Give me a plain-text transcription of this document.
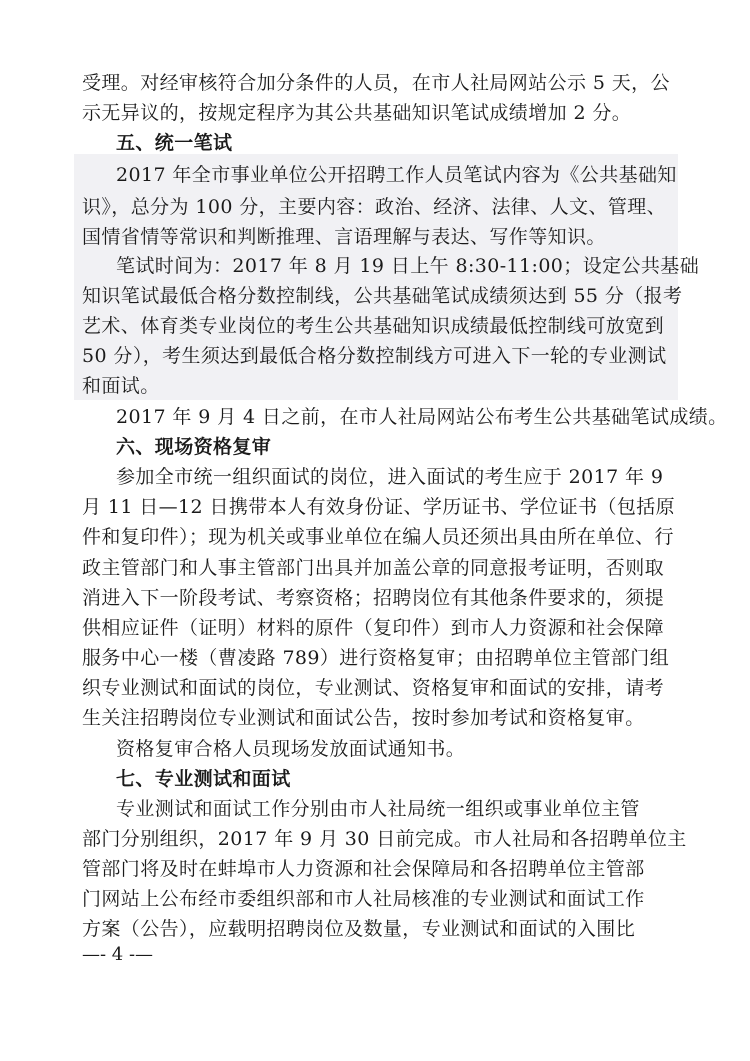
受理。对经审核符合加分条件的人员，在市人社局网站公示 5 天，公
示无异议的，按规定程序为其公共基础知识笔试成绩增加 2 分。
五、统一笔试
2017 年全市事业单位公开招聘工作人员笔试内容为《公共基础知
识》，总分为 100 分，主要内容：政治、经济、法律、人文、管理、
国情省情等常识和判断推理、言语理解与表达、写作等知识。
笔试时间为：2017 年 8 月 19 日上午 8:30-11:00；设定公共基础
知识笔试最低合格分数控制线，公共基础笔试成绩须达到 55 分（报考
艺术、体育类专业岗位的考生公共基础知识成绩最低控制线可放宽到
50 分），考生须达到最低合格分数控制线方可进入下一轮的专业测试
和面试。
2017 年 9 月 4 日之前，在市人社局网站公布考生公共基础笔试成绩。
六、现场资格复审
参加全市统一组织面试的岗位，进入面试的考生应于 2017 年 9
月 11 日—12 日携带本人有效身份证、学历证书、学位证书（包括原
件和复印件）；现为机关或事业单位在编人员还须出具由所在单位、行
政主管部门和人事主管部门出具并加盖公章的同意报考证明，否则取
消进入下一阶段考试、考察资格；招聘岗位有其他条件要求的，须提
供相应证件（证明）材料的原件（复印件）到市人力资源和社会保障
服务中心一楼（曹凌路 789）进行资格复审；由招聘单位主管部门组
织专业测试和面试的岗位，专业测试、资格复审和面试的安排，请考
生关注招聘岗位专业测试和面试公告，按时参加考试和资格复审。
资格复审合格人员现场发放面试通知书。
七、专业测试和面试
专业测试和面试工作分别由市人社局统一组织或事业单位主管
部门分别组织，2017 年 9 月 30 日前完成。市人社局和各招聘单位主
管部门将及时在蚌埠市人力资源和社会保障局和各招聘单位主管部
门网站上公布经市委组织部和市人社局核准的专业测试和面试工作
方案（公告），应载明招聘岗位及数量，专业测试和面试的入围比
—- 4 -—
